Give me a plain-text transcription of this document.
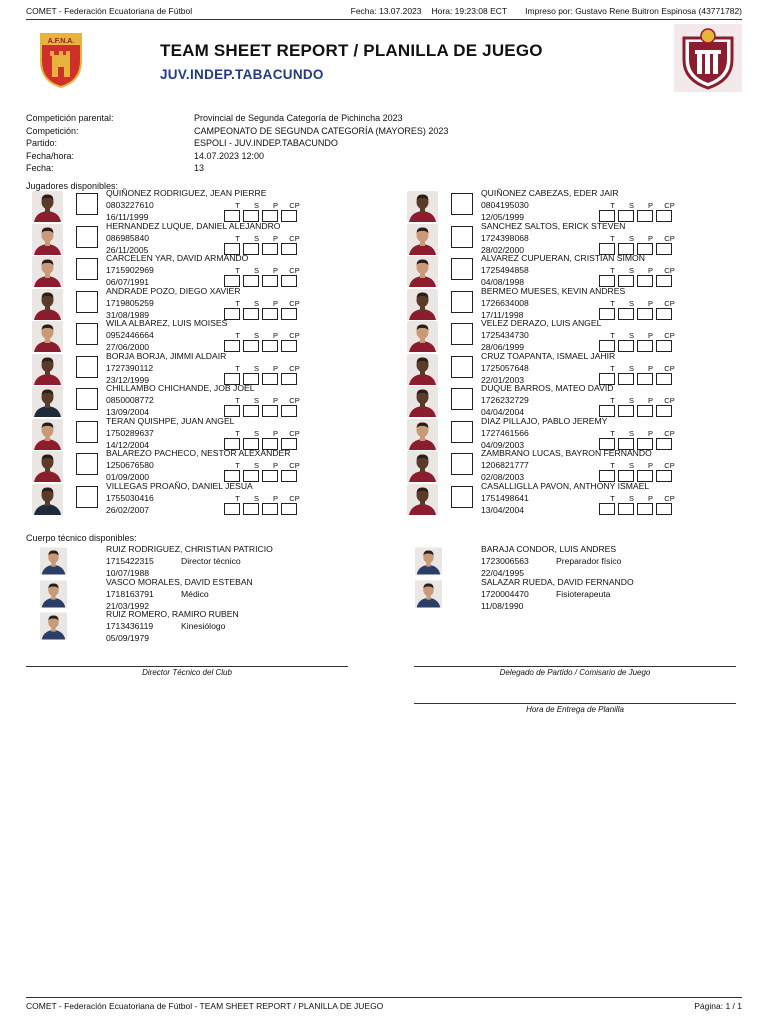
COMET - Federación Ecuatoriana de Fútbol	Fecha: 13.07.2023 Hora: 19:23:08 ECT Impreso por: Gustavo Rene Buitron Espinosa (43771782)
A.F.N.A.	TEAM SHEET REPORT / PLANILLA DE JUEGO
JUV.INDEP.TABACUNDO
Competición parental:	Provincial de Segunda Categoría de Pichincha 2023
Competición:	CAMPEONATO DE SEGUNDA CATEGORÍA (MAYORES) 2023
Partido:	ESPOLI - JUV.INDEP.TABACUNDO
Fecha/hora:	14.07.2023 12:00
Fecha:	13
Jugadores disponibles:
QUIÑONEZ RODRIGUEZ, JEAN PIERRE
0803227610
16/11/1999
T	S	P	CP
HERNANDEZ LUQUE, DANIEL ALEJANDRO
086985840
26/11/2005
T	S	P	CP
CARCELEN YAR, DAVID ARMANDO
1715902969
06/07/1991
T	S	P	CP
ANDRADE POZO, DIEGO XAVIER
1719805259
31/08/1989
T	S	P	CP
WILA ALBAREZ, LUIS MOISES
0952446664
27/06/2000
T	S	P	CP
BORJA BORJA, JIMMI ALDAIR
1727390112
23/12/1999
T	S	P	CP
CHILLAMBO CHICHANDE, JOB JOEL
0850008772
13/09/2004
T	S	P	CP
TERAN QUISHPE, JUAN ANGEL
1750289637
14/12/2004
T	S	P	CP
BALAREZO PACHECO, NESTOR ALEXANDER
1250676580
01/09/2000
T	S	P	CP
VILLEGAS PROAÑO, DANIEL JESUA
1755030416
26/02/2007
T	S	P	CP
QUIÑONEZ CABEZAS, EDER JAIR
0804195030
12/05/1999
T	S	P	CP
SANCHEZ SALTOS, ERICK STEVEN
1724398068
28/02/2000
T	S	P	CP
ALVAREZ CUPUERAN, CRISTIAN SIMON
1725494858
04/08/1998
T	S	P	CP
BERMEO MUESES, KEVIN ANDRES
1726634008
17/11/1998
T	S	P	CP
VELEZ DERAZO, LUIS ANGEL
1725434730
28/06/1999
T	S	P	CP
CRUZ TOAPANTA, ISMAEL JAHIR
1725057648
22/01/2003
T	S	P	CP
DUQUE BARROS, MATEO DAVID
1726232729
04/04/2004
T	S	P	CP
DIAZ PILLAJO, PABLO JEREMY
1727461566
04/09/2003
T	S	P	CP
ZAMBRANO LUCAS, BAYRON FERNANDO
1206821777
02/08/2003
T	S	P	CP
CASALLIGLLA PAVON, ANTHONY ISMAEL
1751498641
13/04/2004
T	S	P	CP
Cuerpo técnico disponibles:
RUIZ RODRIGUEZ, CHRISTIAN PATRICIO
1715422315	Director técnico
10/07/1988
VASCO MORALES, DAVID ESTEBAN
1718163791	Médico
21/03/1992
RUIZ ROMERO, RAMIRO RUBEN
1713436119	Kinesiólogo
05/09/1979
BARAJA CONDOR, LUIS ANDRES
1723006563	Preparador físico
22/04/1995
SALAZAR RUEDA, DAVID FERNANDO
1720004470	Fisioterapeuta
11/08/1990
Director Técnico del Club	Delegado de Partido / Comisario de Juego
Hora de Entrega de Planilla
COMET - Federación Ecuatoriana de Fútbol - TEAM SHEET REPORT / PLANILLA DE JUEGO	Página: 1 / 1
